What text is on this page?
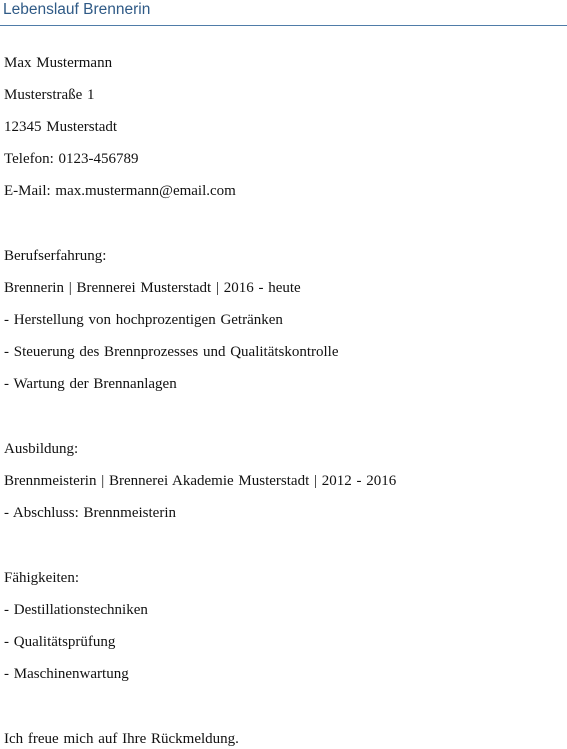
Lebenslauf Brennerin
Max Mustermann
Musterstraße 1
12345 Musterstadt
Telefon: 0123-456789
E-Mail: max.mustermann@email.com
Berufserfahrung:
Brennerin | Brennerei Musterstadt | 2016 - heute
- Herstellung von hochprozentigen Getränken
- Steuerung des Brennprozesses und Qualitätskontrolle
- Wartung der Brennanlagen
Ausbildung:
Brennmeisterin | Brennerei Akademie Musterstadt | 2012 - 2016
- Abschluss: Brennmeisterin
Fähigkeiten:
- Destillationstechniken
- Qualitätsprüfung
- Maschinenwartung
Ich freue mich auf Ihre Rückmeldung.
